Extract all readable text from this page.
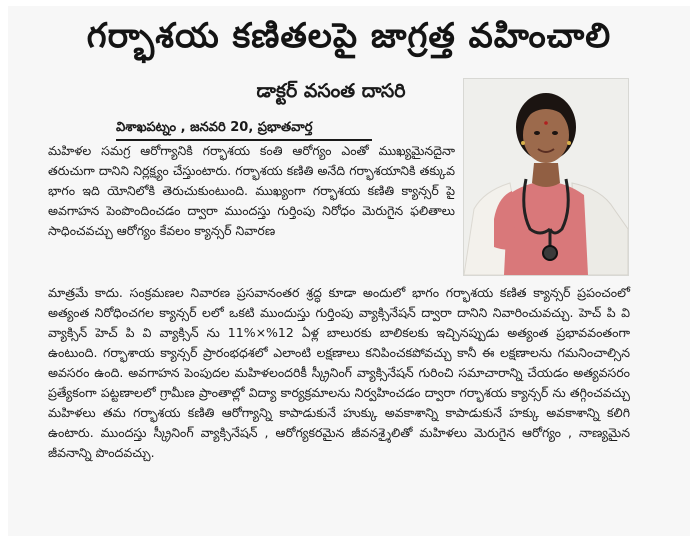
గర్భాశయ కణితలపై జాగ్రత్త వహించాలి
డాక్టర్ వసంత దాసరి
విశాఖపట్నం , జనవరి 20, ప్రభాతవార్త

మహిళల సమగ్ర ఆరోగ్యానికి గర్భాశయ కంతి ఆరోగ్యం ఎంతో ముఖ్యమైనదైనా తరుచుగా దానిని నిర్లక్ష్యం చేస్తుంటారు. గర్భాశయ కణితి అనేది గర్భాశయానికి తక్కువ భాగం ఇది యోనిలోకి తెరుచుకుంటుంది. ముఖ్యంగా గర్భాశయ కణితి క్యాన్సర్ పై అవగాహన పెంపొందించడం ద్వారా ముందస్తు గుర్తింపు నిరోధం మెరుగైన ఫలితాలు సాధించవచ్చు ఆరోగ్యం కేవలం క్యాన్సర్ నివారణ

మాత్రమే కాదు. సంక్రమణల నివారణ ప్రసవానంతర శ్రద్ధ కూడా అందులో భాగం గర్భాశయ కణిత క్యాన్సర్ ప్రపంచంలో అత్యంత నిరోధించగల క్యాన్సర్ లలో ఒకటి ముందుస్తు గుర్తింపు వ్యాక్సినేషన్ ద్వారా దానిని నివారించువచ్చు. హెచ్ పి వి వ్యాక్సిన్ హెచ్ పి వి వ్యాక్సిన్ ను 11%×%12 ఏళ్ల బాలురకు బాలికలకు ఇచ్చినప్పుడు అత్యంత ప్రభావవంతంగా ఉంటుంది. గర్భాశాయ క్యాన్సర్ ప్రారంభధశలో ఎలాంటి లక్షణాలు కనిపించకపోవచ్చు కానీ ఈ లక్షణాలను గమనించాల్సిన అవసరం ఉంది. అవగాహన పెంపుదల మహిళలందరికీ స్క్రీనింగ్ వ్యాక్సినేషన్ గురించి సమాచారాన్ని చేయడం అత్యవసరం ప్రత్యేకంగా పట్టణాలలో గ్రామీణ ప్రాంతాల్లో విద్యా కార్యక్రమాలను నిర్వహించడం ద్వారా గర్భాశయ క్యాన్సర్ ను తగ్గించవచ్చు మహిళలు తమ గర్భాశయ కణితి ఆరోగ్యాన్ని కాపాడుకునే హుక్కు అవకాశాన్ని కాపాడుకునే హక్కు అవకాశాన్ని కలిగి ఉంటారు. ముందస్తు స్క్రీనింగ్ వ్యాక్సినేషన్ , ఆరోగ్యకరమైన జీవనశ్శైలితో మహిళలు మెరుగైన ఆరోగ్యం , నాణ్యమైన జీవనాన్ని పొందవచ్చు.
